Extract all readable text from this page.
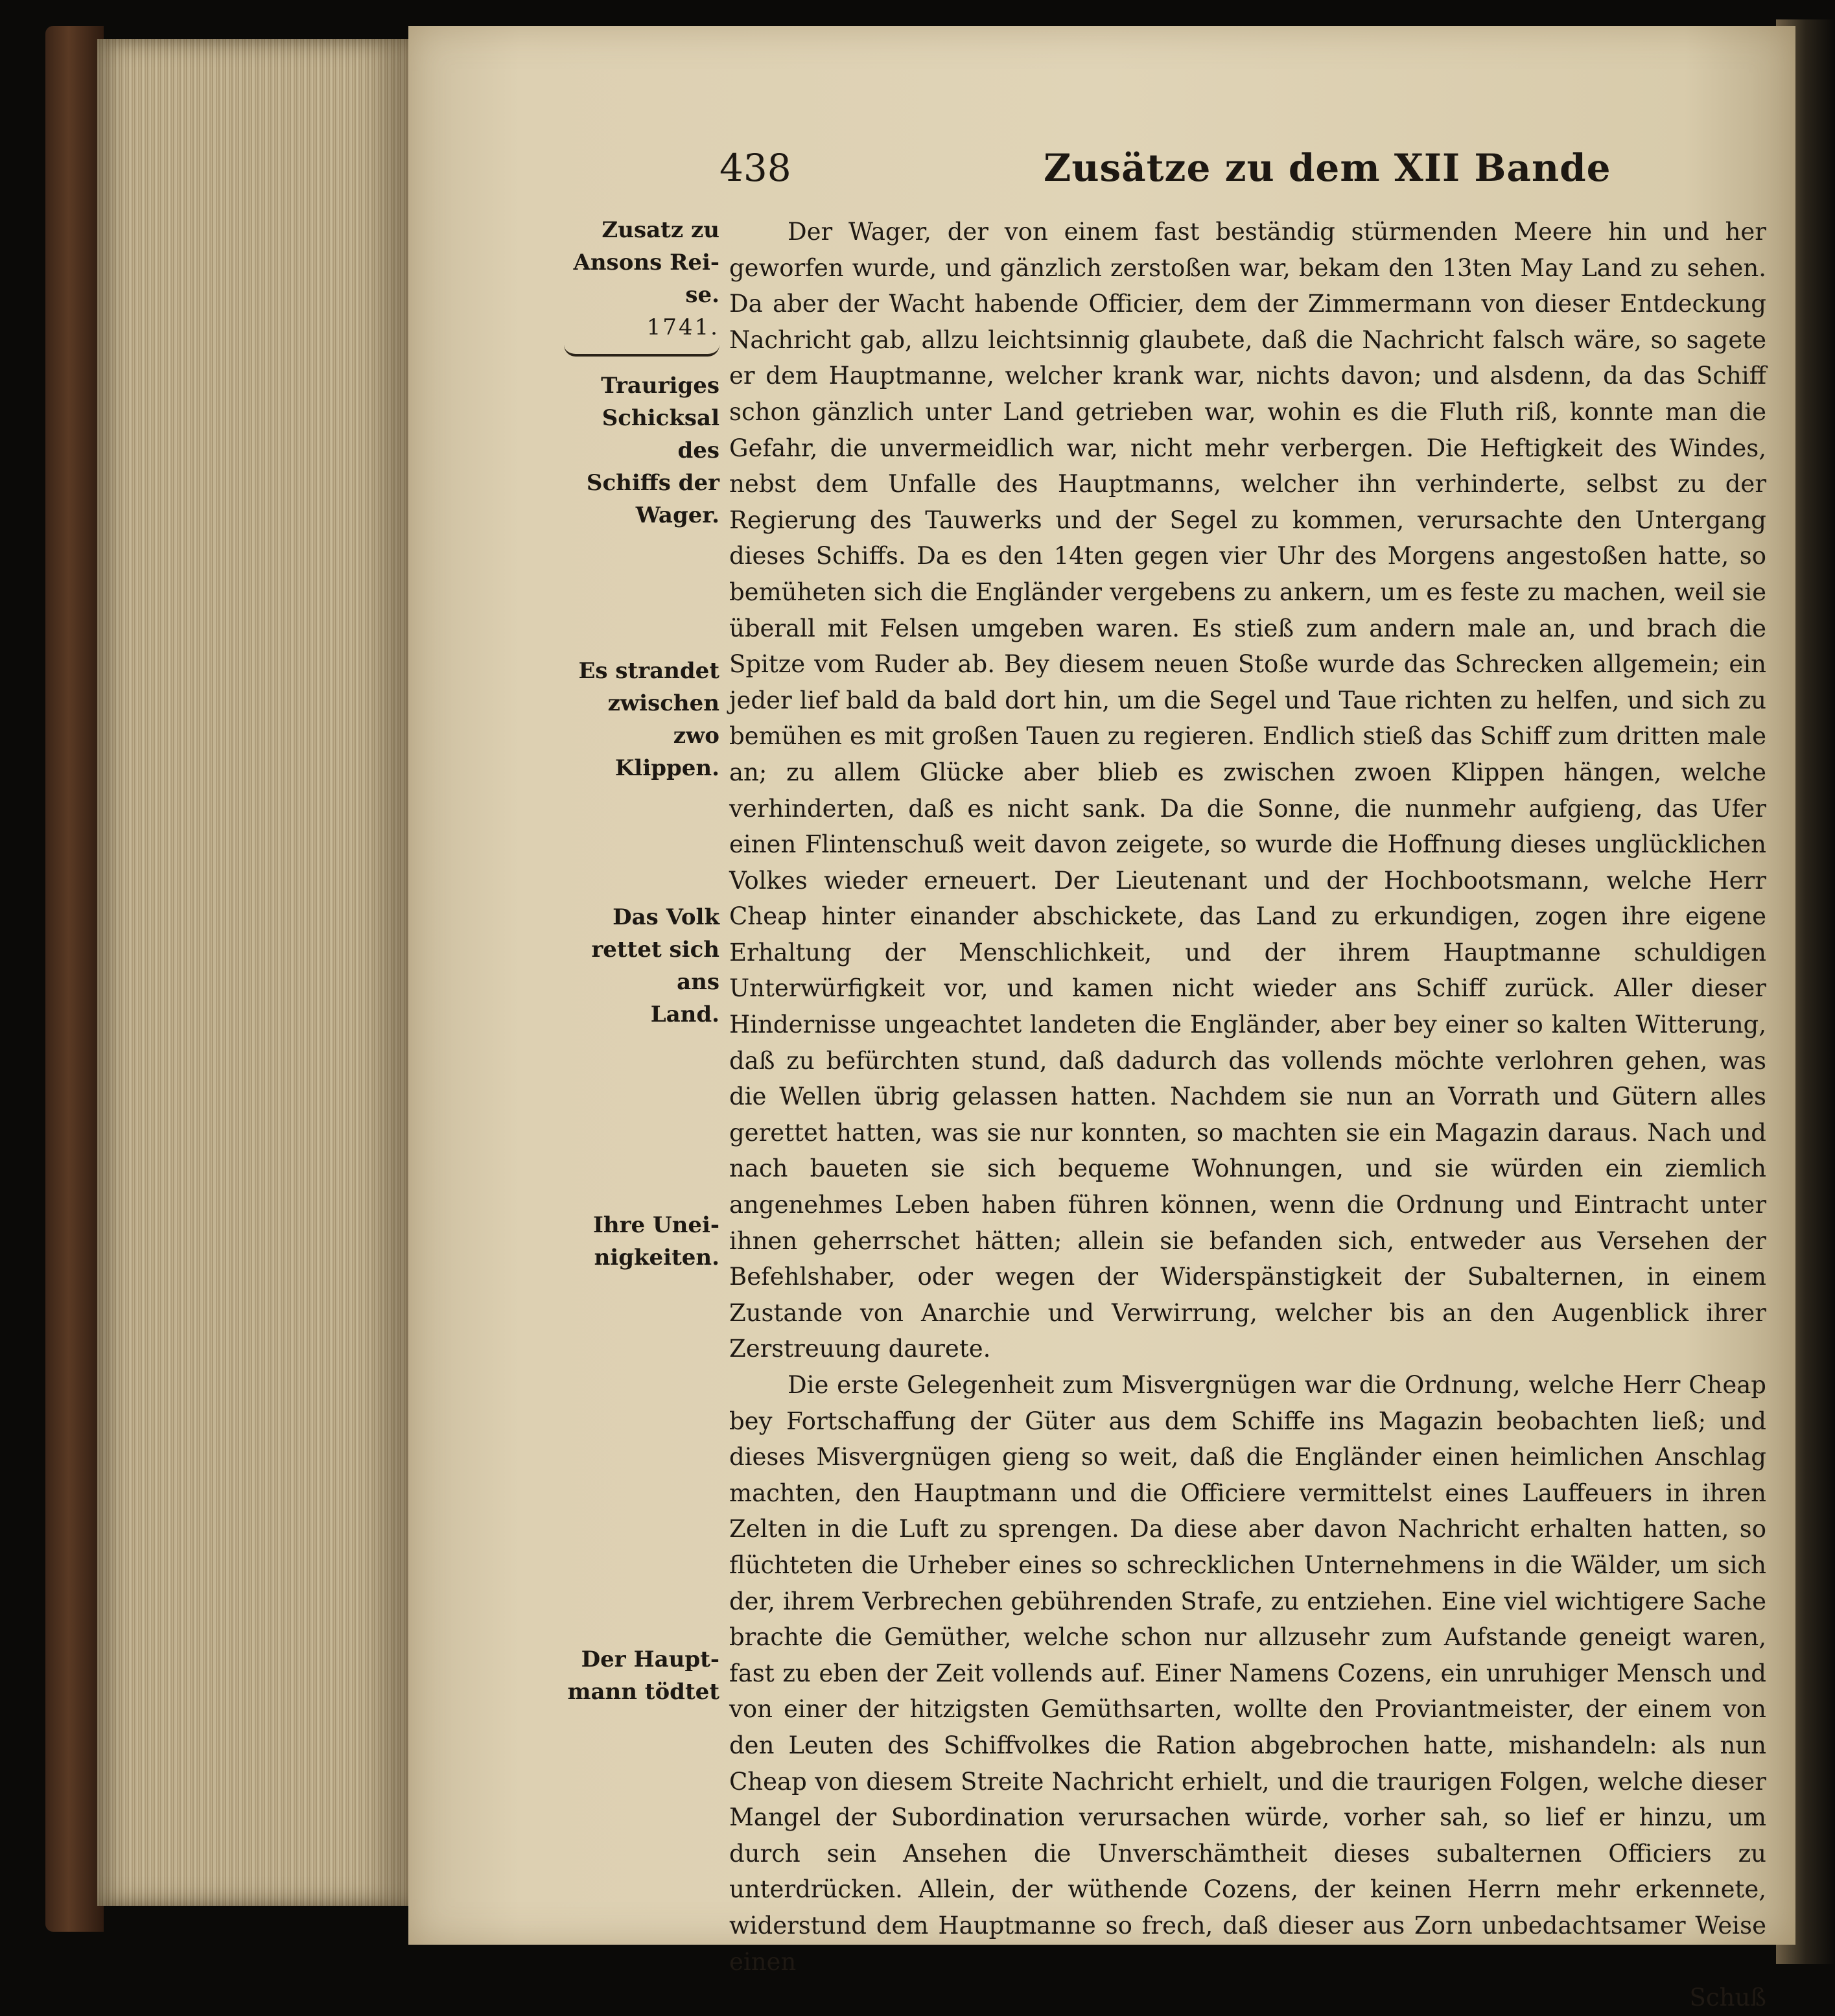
438	Zusätze zu dem XII Bande
Zusatz zu
Ansons Rei-
se.
1741.
Trauriges
Schicksal des
Schiffs der
Wager.
Es strandet
zwischen zwo
Klippen.
Das Volk
rettet sich ans
Land.
Ihre Unei-
nigkeiten.
Der Haupt-
mann tödtet

Der Wager, der von einem fast beständig stürmenden Meere hin und her geworfen wurde, und gänzlich zerstoßen war, bekam den 13ten May Land zu sehen. Da aber der Wacht habende Officier, dem der Zimmermann von dieser Entdeckung Nachricht gab, allzu leichtsinnig glaubete, daß die Nachricht falsch wäre, so sagete er dem Hauptmanne, welcher krank war, nichts davon; und alsdenn, da das Schiff schon gänzlich unter Land getrieben war, wohin es die Fluth riß, konnte man die Gefahr, die unvermeidlich war, nicht mehr verbergen. Die Heftigkeit des Windes, nebst dem Unfalle des Hauptmanns, welcher ihn verhinderte, selbst zu der Regierung des Tauwerks und der Segel zu kommen, verursachte den Untergang dieses Schiffs. Da es den 14ten gegen vier Uhr des Morgens angestoßen hatte, so bemüheten sich die Engländer vergebens zu ankern, um es feste zu machen, weil sie überall mit Felsen umgeben waren. Es stieß zum andern male an, und brach die Spitze vom Ruder ab. Bey diesem neuen Stoße wurde das Schrecken allgemein; ein jeder lief bald da bald dort hin, um die Segel und Taue richten zu helfen, und sich zu bemühen es mit großen Tauen zu regieren. Endlich stieß das Schiff zum dritten male an; zu allem Glücke aber blieb es zwischen zwoen Klippen hängen, welche verhinderten, daß es nicht sank. Da die Sonne, die nunmehr aufgieng, das Ufer einen Flintenschuß weit davon zeigete, so wurde die Hoffnung dieses unglücklichen Volkes wieder erneuert. Der Lieutenant und der Hochbootsmann, welche Herr Cheap hinter einander abschickete, das Land zu erkundigen, zogen ihre eigene Erhaltung der Menschlichkeit, und der ihrem Hauptmanne schuldigen Unterwürfigkeit vor, und kamen nicht wieder ans Schiff zurück. Aller dieser Hindernisse ungeachtet landeten die Engländer, aber bey einer so kalten Witterung, daß zu befürchten stund, daß dadurch das vollends möchte verlohren gehen, was die Wellen übrig gelassen hatten. Nachdem sie nun an Vorrath und Gütern alles gerettet hatten, was sie nur konnten, so machten sie ein Magazin daraus. Nach und nach baueten sie sich bequeme Wohnungen, und sie würden ein ziemlich angenehmes Leben haben führen können, wenn die Ordnung und Eintracht unter ihnen geherrschet hätten; allein sie befanden sich, entweder aus Versehen der Befehlshaber, oder wegen der Widerspänstigkeit der Subalternen, in einem Zustande von Anarchie und Verwirrung, welcher bis an den Augenblick ihrer Zerstreuung daurete.

Die erste Gelegenheit zum Misvergnügen war die Ordnung, welche Herr Cheap bey Fortschaffung der Güter aus dem Schiffe ins Magazin beobachten ließ; und dieses Misvergnügen gieng so weit, daß die Engländer einen heimlichen Anschlag machten, den Hauptmann und die Officiere vermittelst eines Lauffeuers in ihren Zelten in die Luft zu sprengen. Da diese aber davon Nachricht erhalten hatten, so flüchteten die Urheber eines so schrecklichen Unternehmens in die Wälder, um sich der, ihrem Verbrechen gebührenden Strafe, zu entziehen. Eine viel wichtigere Sache brachte die Gemüther, welche schon nur allzusehr zum Aufstande geneigt waren, fast zu eben der Zeit vollends auf. Einer Namens Cozens, ein unruhiger Mensch und von einer der hitzigsten Gemüthsarten, wollte den Proviantmeister, der einem von den Leuten des Schiffvolkes die Ration abgebrochen hatte, mishandeln: als nun Cheap von diesem Streite Nachricht erhielt, und die traurigen Folgen, welche dieser Mangel der Subordination verursachen würde, vorher sah, so lief er hinzu, um durch sein Ansehen die Unverschämtheit dieses subalternen Officiers zu unterdrücken. Allein, der wüthende Cozens, der keinen Herrn mehr erkennete, widerstund dem Hauptmanne so frech, daß dieser aus Zorn unbedachtsamer Weise einen

Schuß
